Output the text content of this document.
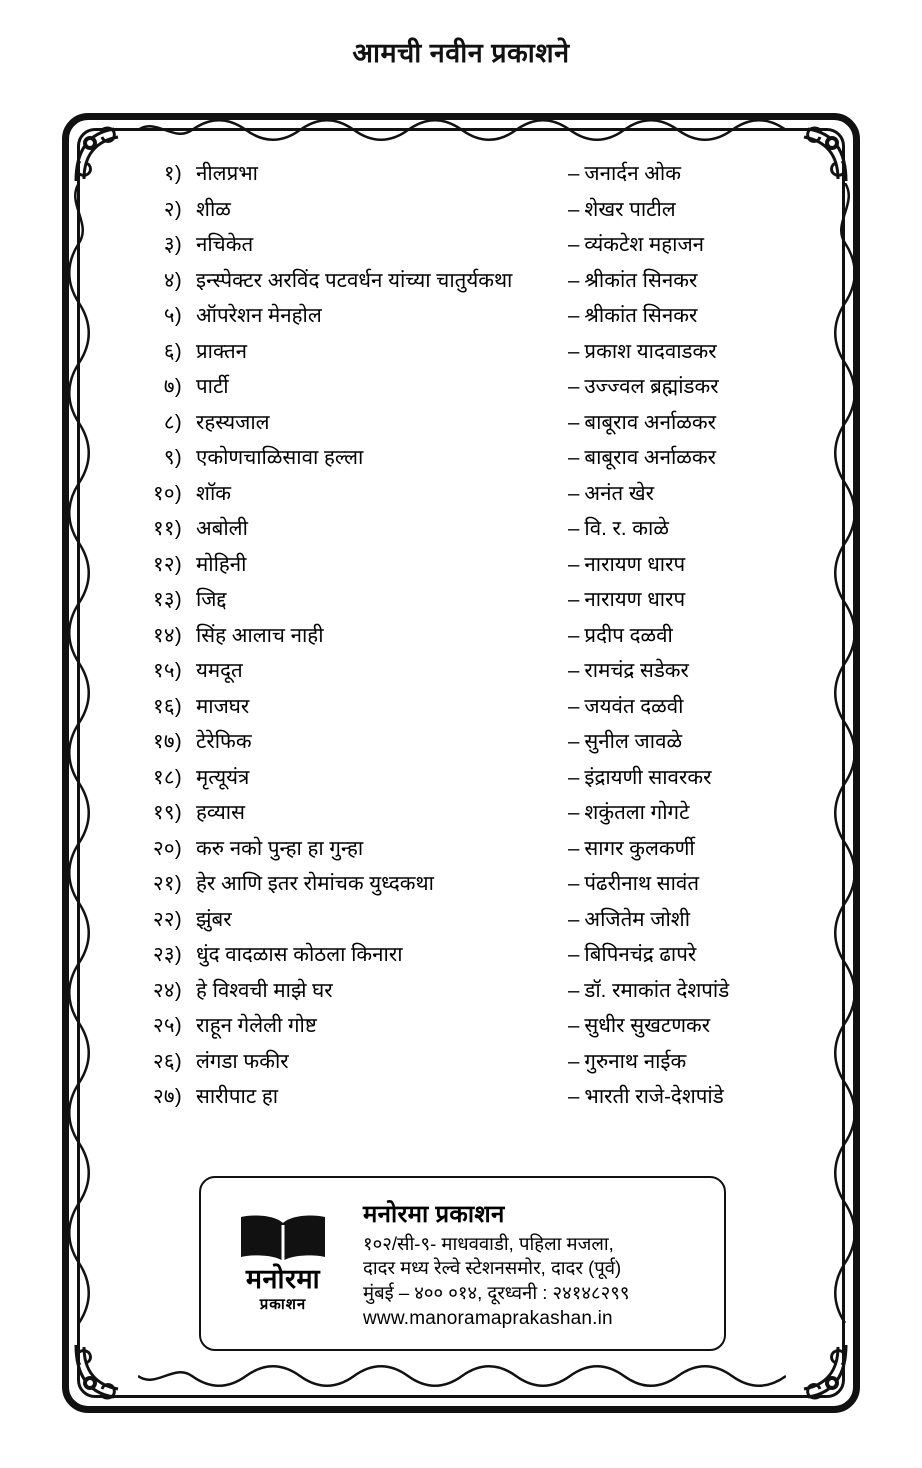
आमची नवीन प्रकाशने
१) नीलप्रभा	– जनार्दन ओक
२) शीळ	– शेखर पाटील
३) नचिकेत	– व्यंकटेश महाजन
४) इन्स्पेक्टर अरविंद पटवर्धन यांच्या चातुर्यकथा	– श्रीकांत सिनकर
५) ऑपरेशन मेनहोल	– श्रीकांत सिनकर
६) प्राक्तन	– प्रकाश यादवाडकर
७) पार्टी	– उज्ज्वल ब्रह्मांडकर
८) रहस्यजाल	– बाबूराव अर्नाळकर
९) एकोणचाळिसावा हल्ला	– बाबूराव अर्नाळकर
१०) शॉक	– अनंत खेर
११) अबोली	– वि. र. काळे
१२) मोहिनी	– नारायण धारप
१३) जिद्द	– नारायण धारप
१४) सिंह आलाच नाही	– प्रदीप दळवी
१५) यमदूत	– रामचंद्र सडेकर
१६) माजघर	– जयवंत दळवी
१७) टेरेफिक	– सुनील जावळे
१८) मृत्यूयंत्र	– इंद्रायणी सावरकर
१९) हव्यास	– शकुंतला गोगटे
२०) करु नको पुन्हा हा गुन्हा	– सागर कुलकर्णी
२१) हेर आणि इतर रोमांचक युध्दकथा	– पंढरीनाथ सावंत
२२) झुंबर	– अजितेम जोशी
२३) धुंद वादळास कोठला किनारा	– बिपिनचंद्र ढापरे
२४) हे विश्वची माझे घर	– डॉ. रमाकांत देशपांडे
२५) राहून गेलेली गोष्ट	– सुधीर सुखटणकर
२६) लंगडा फकीर	– गुरुनाथ नाईक
२७) सारीपाट हा	– भारती राजे-देशपांडे
मनोरमा
प्रकाशन
मनोरमा प्रकाशन
१०२/सी-९- माधववाडी, पहिला मजला,
दादर मध्य रेल्वे स्टेशनसमोर, दादर (पूर्व)
मुंबई – ४०० ०१४, दूरध्वनी : २४१४८२९९
www.manoramaprakashan.in
